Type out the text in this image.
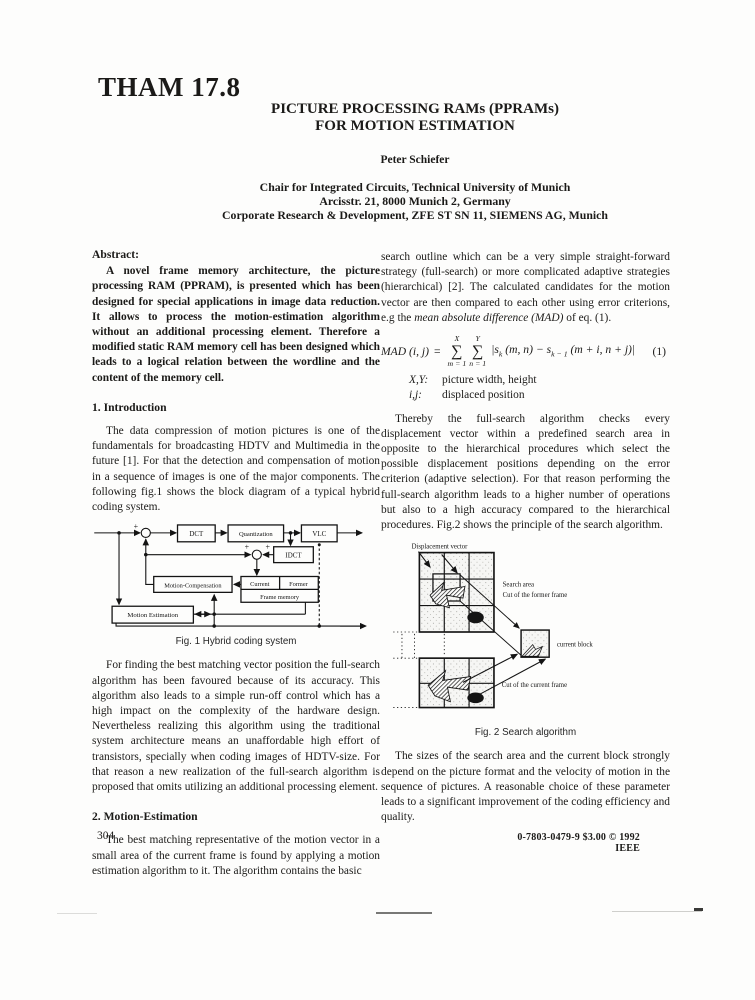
THAM 17.8
PICTURE PROCESSING RAMs (PPRAMs)
FOR MOTION ESTIMATION
Peter Schiefer
Chair for Integrated Circuits, Technical University of Munich
Arcisstr. 21, 8000 Munich 2, Germany
Corporate Research & Development, ZFE ST SN 11, SIEMENS AG, Munich
Abstract:

A novel frame memory architecture, the picture processing RAM (PPRAM), is presented which has been designed for special applications in image data reduction. It allows to process the motion-estimation algorithm without an additional processing element. Therefore a modified static RAM memory cell has been designed which leads to a logical relation between the wordline and the content of the memory cell.

1. Introduction

The data compression of motion pictures is one of the fundamentals for broadcasting HDTV and Multimedia in the future [1]. For that the detection and compensation of motion in a sequence of images is one of the major components. The following fig.1 shows the block diagram of a typical hybrid coding system.

+
+ +
DCT	Quantization	VLC
IDCT
Motion-Compensation	Current	Former
Frame memory
Motion Estimation
Fig. 1 Hybrid coding system

For finding the best matching vector position the full-search algorithm has been favoured because of its accuracy. This algorithm also leads to a simple run-off control which has a high impact on the complexity of the hardware design. Nevertheless realizing this algorithm using the traditional system architecture means an unaffordable high effort of transistors, specially when coding images of HDTV-size. For that reason a new realization of the full-search algorithm is proposed that omits utilizing an additional processing element.

2. Motion-Estimation

The best matching representative of the motion vector in a small area of the current frame is found by applying a motion estimation algorithm to it. The algorithm contains the basic

search outline which can be a very simple straight-forward strategy (full-search) or more complicated adaptive strategies (hierarchical) [2]. The calculated candidates for the motion vector are then compared to each other using error criterions, e.g the mean absolute difference (MAD) of eq. (1).

MAD (i, j) =
X
∑
m = 1
Y
∑
n = 1
$|s_k$ (m, $n) - s_{k - 1}$ (m + i, n + j)| (1)
X,Y:	picture width, height
i,j:	displaced position

Thereby the full-search algorithm checks every displacement vector within a predefined search area in opposite to the hierarchical procedures which select the possible displacement positions depending on the error criterion (adaptive selection). For that reason performing the full-search algorithm leads to a higher number of operations but also to a high accuracy compared to the hierarchical procedures. Fig.2 shows the principle of the search algorithm.

Displacement vector
Search area
Cut of the former frame
current block
Cut of the current frame
Fig. 2 Search algorithm

The sizes of the search area and the current block strongly depend on the picture format and the velocity of motion in the sequence of pictures. A reasonable choice of these parameter leads to a significant improvement of the coding efficiency and quality.

304	0-7803-0479-9 $3.00 © 1992 IEEE
